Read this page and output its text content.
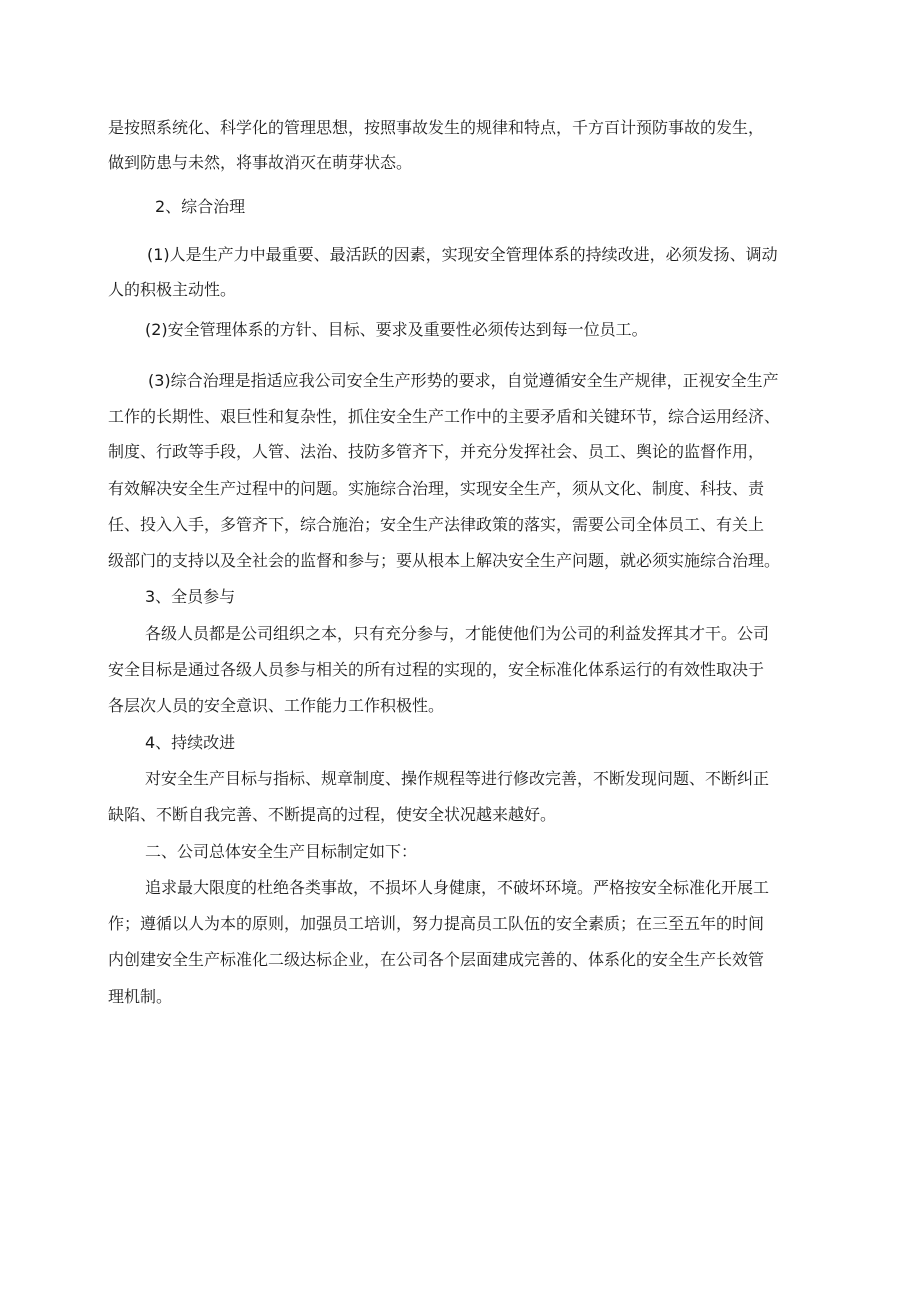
是按照系统化、科学化的管理思想，按照事故发生的规律和特点，千方百计预防事故的发生，

做到防患与未然，将事故消灭在萌芽状态。

2、综合治理

(1)人是生产力中最重要、最活跃的因素，实现安全管理体系的持续改进，必须发扬、调动

人的积极主动性。

(2)安全管理体系的方针、目标、要求及重要性必须传达到每一位员工。

(3)综合治理是指适应我公司安全生产形势的要求，自觉遵循安全生产规律，正视安全生产

工作的长期性、艰巨性和复杂性，抓住安全生产工作中的主要矛盾和关键环节，综合运用经济、

制度、行政等手段，人管、法治、技防多管齐下，并充分发挥社会、员工、舆论的监督作用，

有效解决安全生产过程中的问题。实施综合治理，实现安全生产，须从文化、制度、科技、责

任、投入入手，多管齐下，综合施治；安全生产法律政策的落实，需要公司全体员工、有关上

级部门的支持以及全社会的监督和参与；要从根本上解决安全生产问题，就必须实施综合治理。

3、全员参与

各级人员都是公司组织之本，只有充分参与，才能使他们为公司的利益发挥其才干。公司

安全目标是通过各级人员参与相关的所有过程的实现的，安全标准化体系运行的有效性取决于

各层次人员的安全意识、工作能力工作积极性。

4、持续改进

对安全生产目标与指标、规章制度、操作规程等进行修改完善，不断发现问题、不断纠正

缺陷、不断自我完善、不断提高的过程，使安全状况越来越好。

二、公司总体安全生产目标制定如下：

追求最大限度的杜绝各类事故，不损坏人身健康，不破坏环境。严格按安全标准化开展工

作；遵循以人为本的原则，加强员工培训，努力提高员工队伍的安全素质；在三至五年的时间

内创建安全生产标准化二级达标企业，在公司各个层面建成完善的、体系化的安全生产长效管

理机制。
